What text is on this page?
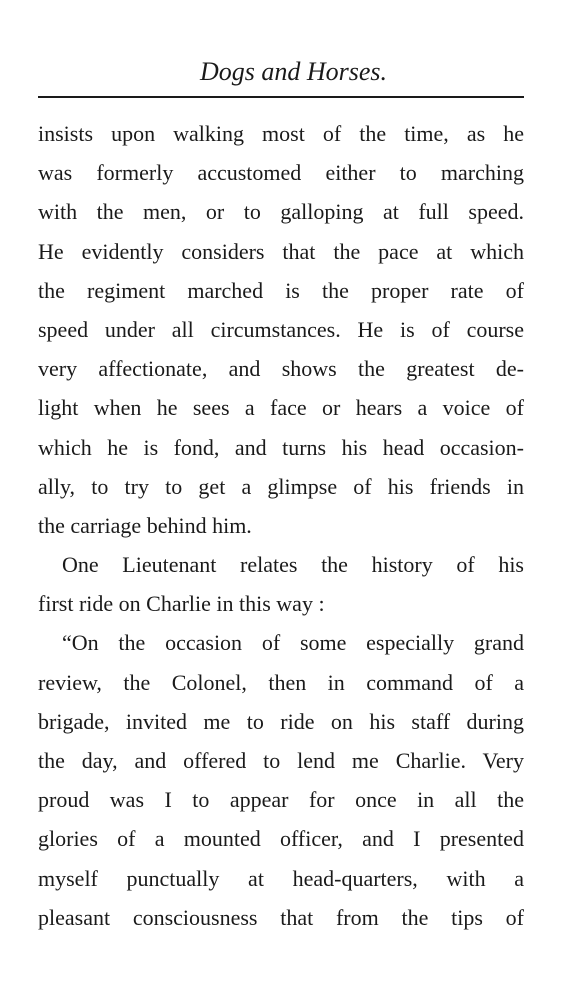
Dogs and Horses.
insists upon walking most of the time, as he
was formerly accustomed either to marching
with the men, or to galloping at full speed.
He evidently considers that the pace at which
the regiment marched is the proper rate of
speed under all circumstances. He is of course
very affectionate, and shows the greatest de-
light when he sees a face or hears a voice of
which he is fond, and turns his head occasion-
ally, to try to get a glimpse of his friends in
the carriage behind him.
One Lieutenant relates the history of his
first ride on Charlie in this way :
“On the occasion of some especially grand
review, the Colonel, then in command of a
brigade, invited me to ride on his staff during
the day, and offered to lend me Charlie. Very
proud was I to appear for once in all the
glories of a mounted officer, and I presented
myself punctually at head-quarters, with a
pleasant consciousness that from the tips of
